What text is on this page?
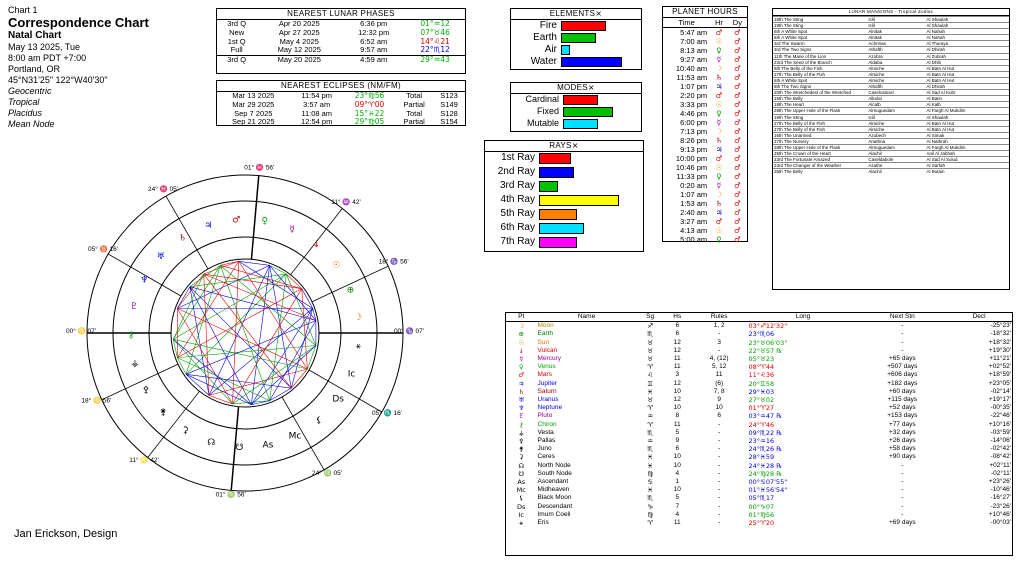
Chart 1
Correspondence Chart
Natal Chart
May 13 2025, Tue
8:00 am PDT +7:00
Portland, OR
45°N31'25" 122°W40'30"
Geocentric
Tropical
Placidus
Mean Node
Jan Erickson, Design
NEAREST LUNAR PHASES
3rd Q	Apr 20 2025	6:36 pm	01°♒12
New	Apr 27 2025	12:32 pm	07°♉46
1st Q	May 4 2025	6:52 am	14°♌21
Full	May 12 2025	9:57 am	22°♏12
3rd Q	May 20 2025	4:59 am	29°♒43
NEAREST ECLIPSES (NM/FM)
Mar 13 2025	11:54 pm	23°♍56	Total	S123
Mar 29 2025	3:57 am	09°♈00	Partial	S149
Sep 7 2025	11:08 am	15°♓22	Total	S128
Sep 21 2025	12:54 pm	29°♍05	Partial	S154
ELEMENTS×
Fire
Earth
Air
Water
MODES×
Cardinal
Fixed
Mutable
RAYS×
1st Ray
2nd Ray
3rd Ray
4th Ray
5th Ray
6th Ray
7th Ray
PLANET HOURS
Time	Hr	Dy
5:47 am	♂	♂
7:00 am	☉	♂
8:13 am	♀	♂
9:27 am	☿	♂
10:40 am	☽	♂
11:53 am	♄	♂
1:07 pm	♃	♂
2:20 pm	♂	♂
3:33 pm	☉	♂
4:46 pm	♀	♂
6:00 pm	☿	♂
7:13 pm	☽	♂
8:26 pm	♄	♂
9:13 pm	♃	♂
10:00 pm	♂	♂
10:46 pm	☉	♂
11:33 pm	♀	♂
0:20 am	☿	♂
1:07 am	☽	♂
1:53 am	♄	♂
2:40 am	♃	♂
3:27 am	♂	♂
4:13 am	☉	♂
5:00 am	♀	♂
LUNAR MANSIONS - Tropical Zodiac
18th The Sting	Iclil	Al Shaulah
19th The Sting	Iclil	Al Shaulah
6th A White Spot	Alnitak	Al Nahah
6th A White Spot	Alnitak	Al Nahah
3rd The Swarm	Achrinas	Al Thuraya
3rd The Two Signs	Athafth	Al Dhirah
11th The Mane of the Lion	Azobra	Al Zubrah
23rd The Seed of the Branch	Aldaba	Al Dhib
5th The Belly of the Fish	Almiche	Al Batn Al Hut
27th The Belly of the Fish	Almiche	Al Batn Al Hut
6th A White Spot	Almiche	Al Batn Al Hut
8th The Two Signs	Athafth	Al Dhirah
20th The Wretchedest of the Wretched	Caselcaticiel	Al Sad Al Kubr
15th The Belly	Alkolal	Al Batin
18th The Heart	Alcalb	Al Kalb
28th The Upper Hole of the Flask	Almuguedam	Al Fargh Al Mukdim
19th The Sting	Iclil	Al Shaulah
27th The Belly of the Fish	Almiche	Al Batn Al Hut
27th The Belly of the Fish	Almiche	Al Batn Al Hut
16th The Unarmed	Azubech	Al Simak
27th The Nursery	Anathna	Al Nathrah
28th The Upper Hole of the Flask	Almuguedam	Al Fargh Al Mukdim
25th The Crown of the Heart	Alachil	Anil Al Jabhah
23rd The Fortunate Amazed	Caseldabole	Al Sad Al Sulud
23rd The Changer of the Weather	Azathe	Al Sarfah
25th The Belly	Alachil	Al Butain
Pt	Name	Sg	Hs	Rules	Long	Next Stn	Decl
☽	Moon	♐	6	1, 2	03°♐12'32"	-	-25°23'
⊕	Earth	♏	6	-	23°♏06	-	-18°32'
☉	Sun	♉	12	3	23°♉06'03"	-	+18°32'
↓	Vulcan	♉	12	-	22°♉57 ℞	-	+19°30'
☿	Mercury	♉	11	4, (12)	05°♉23	+65 days	+11°21'
♀	Venus	♈	11	5, 12	08°♈44	+507 days	+02°52'
♂	Mars	♌	3	11	11°♌36	+606 days	+18°59'
♃	Jupiter	♊	12	(6)	20°♊58	+182 days	+23°05'
♄	Saturn	♓	10	7, 8	29°♓03	+60 days	-02°14'
♅	Uranus	♉	12	9	27°♉02	+115 days	+19°17'
♆	Neptune	♈	10	10	01°♈27	+52 days	-00°35'
♇	Pluto	♒	8	6	03°♒47 ℞	+153 days	-22°46'
⚷	Chiron	♈	11	-	24°♈46	+77 days	+10°16'
⚶	Vesta	♏	5	-	09°♏22 ℞	+32 days	-03°59'
⚴	Pallas	♒	9	-	23°♒16	+26 days	-14°06'
⚵	Juno	♏	6	-	24°♏26 ℞	+58 days	-02°42'
⚳	Ceres	♓	10	-	28°♓59	+90 days	-08°42'
☊	North Node	♓	10	-	24°♓28 ℞	-	+02°11'
☋	South Node	♍	4	-	24°♍28 ℞	-	-02°11'
As	Ascendant	♋	1	-	00°♋07'55"	-	+23°26'
Mc	Midheaven	♓	10	-	01°♓56'54"	-	-10°46'
⚸	Black Moon	♏	5	-	05°♏17	-	-16°27'
Ds	Descendant	♑	7	-	00°♑07	-	-23°26'
Ic	Imum Coeli	♍	4	-	01°♍56	-	+10°46'
⚹	Eris	♈	11	-	25°♈20	+69 days	-00°03'
00° ♋ 07'
18° ♋ 56'
11° ♌ 42'
01° ♍ 56'
24° ♍ 05'
05° ♏ 16'
00° ♑ 07'
18° ♑ 56'
11° ♒ 42'
01° ♓ 56'
24° ♓ 05'
05° ♉ 16'
☽
⊕
☉
↓
☿
♀
♂
♃
♄
♅
♆
♇
⚷
⚶
⚴
⚵
⚳
☊ ☋ As
Mc
⚸
Ds
Ic
⚹
